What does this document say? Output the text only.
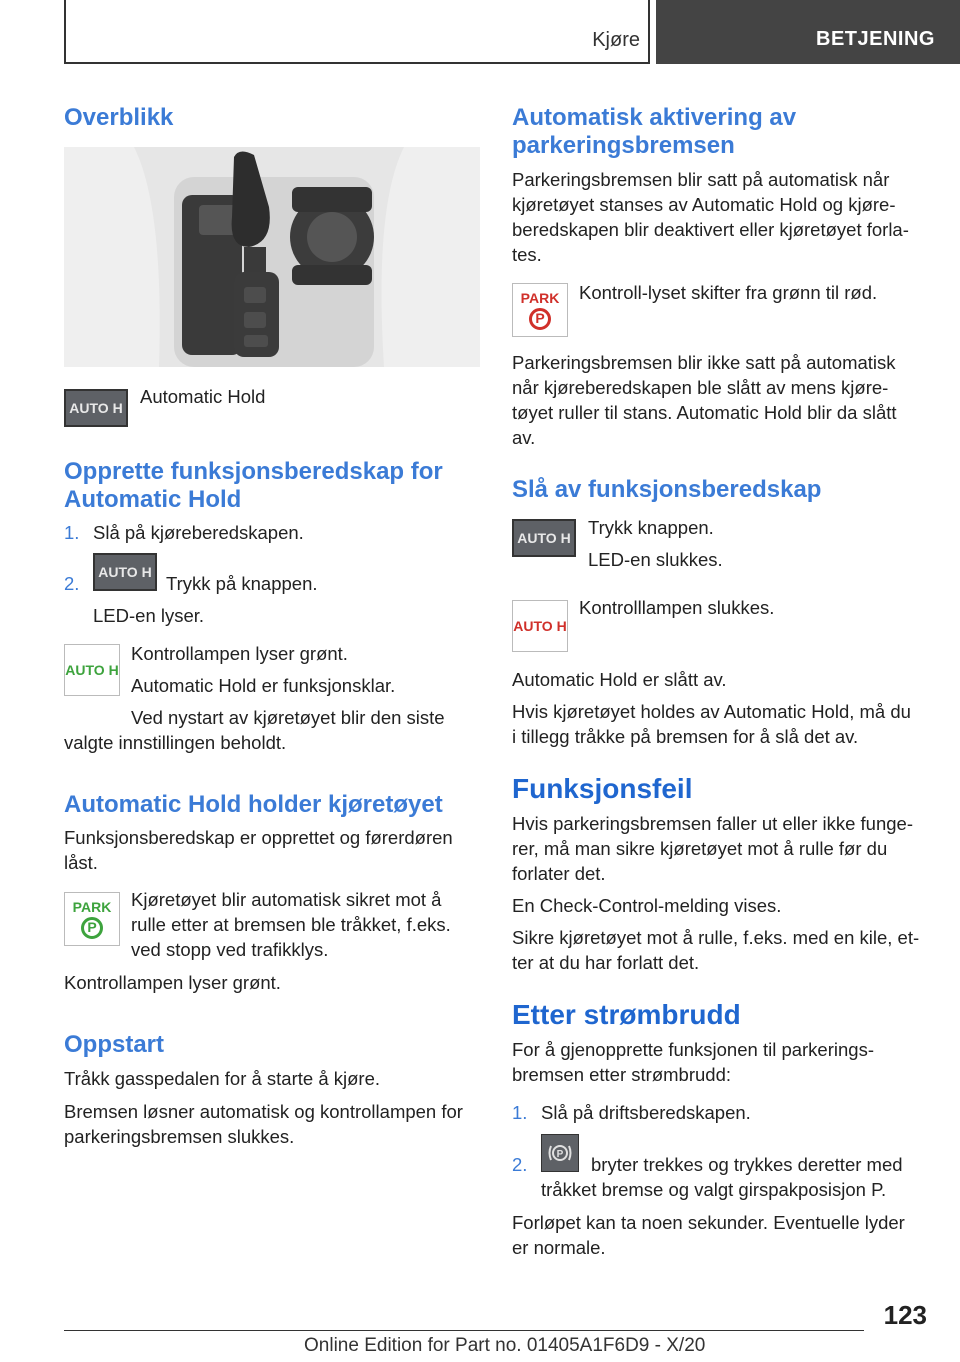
Kjøre	BETJENING
Overblikk
AUTO H

Automatic Hold

Opprette funksjonsberedskap for Automatic Hold
1. Slå på kjøreberedskapen.

2.
AUTO H

Trykk på knappen.

LED-en lyser.

AUTO H

Kontrollampen lyser grønt.

Automatic Hold er funksjonsklar.

Ved nystart av kjøretøyet blir den siste

valgte innstillingen beholdt.

Automatic Hold holder kjøretøyet

Funksjonsberedskap er opprettet og førerdøren

låst.

PARK
P

Kjøretøyet blir automatisk sikret mot å

rulle etter at bremsen ble tråkket, f.eks.

ved stopp ved trafikklys.

Kontrollampen lyser grønt.

Oppstart

Tråkk gasspedalen for å starte å kjøre.

Bremsen løsner automatisk og kontrollampen for

parkeringsbremsen slukkes.

Automatisk aktivering av
parkeringsbremsen

Parkeringsbremsen blir satt på automatisk når

kjøretøyet stanses av Automatic Hold og kjøre-

beredskapen blir deaktivert eller kjøretøyet forla-

tes.

PARK
P

Kontroll-lyset skifter fra grønn til rød.

Parkeringsbremsen blir ikke satt på automatisk

når kjøreberedskapen ble slått av mens kjøre-

tøyet ruller til stans. Automatic Hold blir da slått

av.

Slå av funksjonsberedskap
AUTO H Trykk knappen.

LED-en slukkes.

AUTO H

Kontrolllampen slukkes.

Automatic Hold er slått av.

Hvis kjøretøyet holdes av Automatic Hold, må du

i tillegg tråkke på bremsen for å slå det av.

Funksjonsfeil

Hvis parkeringsbremsen faller ut eller ikke funge-

rer, må man sikre kjøretøyet mot å rulle før du

forlater det.

En Check-Control-melding vises.

Sikre kjøretøyet mot å rulle, f.eks. med en kile, et-

ter at du har forlatt det.

Etter strømbrudd

For å gjenopprette funksjonen til parkerings-

bremsen etter strømbrudd:

1. Slå på driftsberedskapen.

2.	P bryter trekkes og trykkes deretter med

tråkket bremse og valgt girspakposisjon P.

Forløpet kan ta noen sekunder. Eventuelle lyder

er normale.

123
Online Edition for Part no. 01405A1F6D9 - X/20
